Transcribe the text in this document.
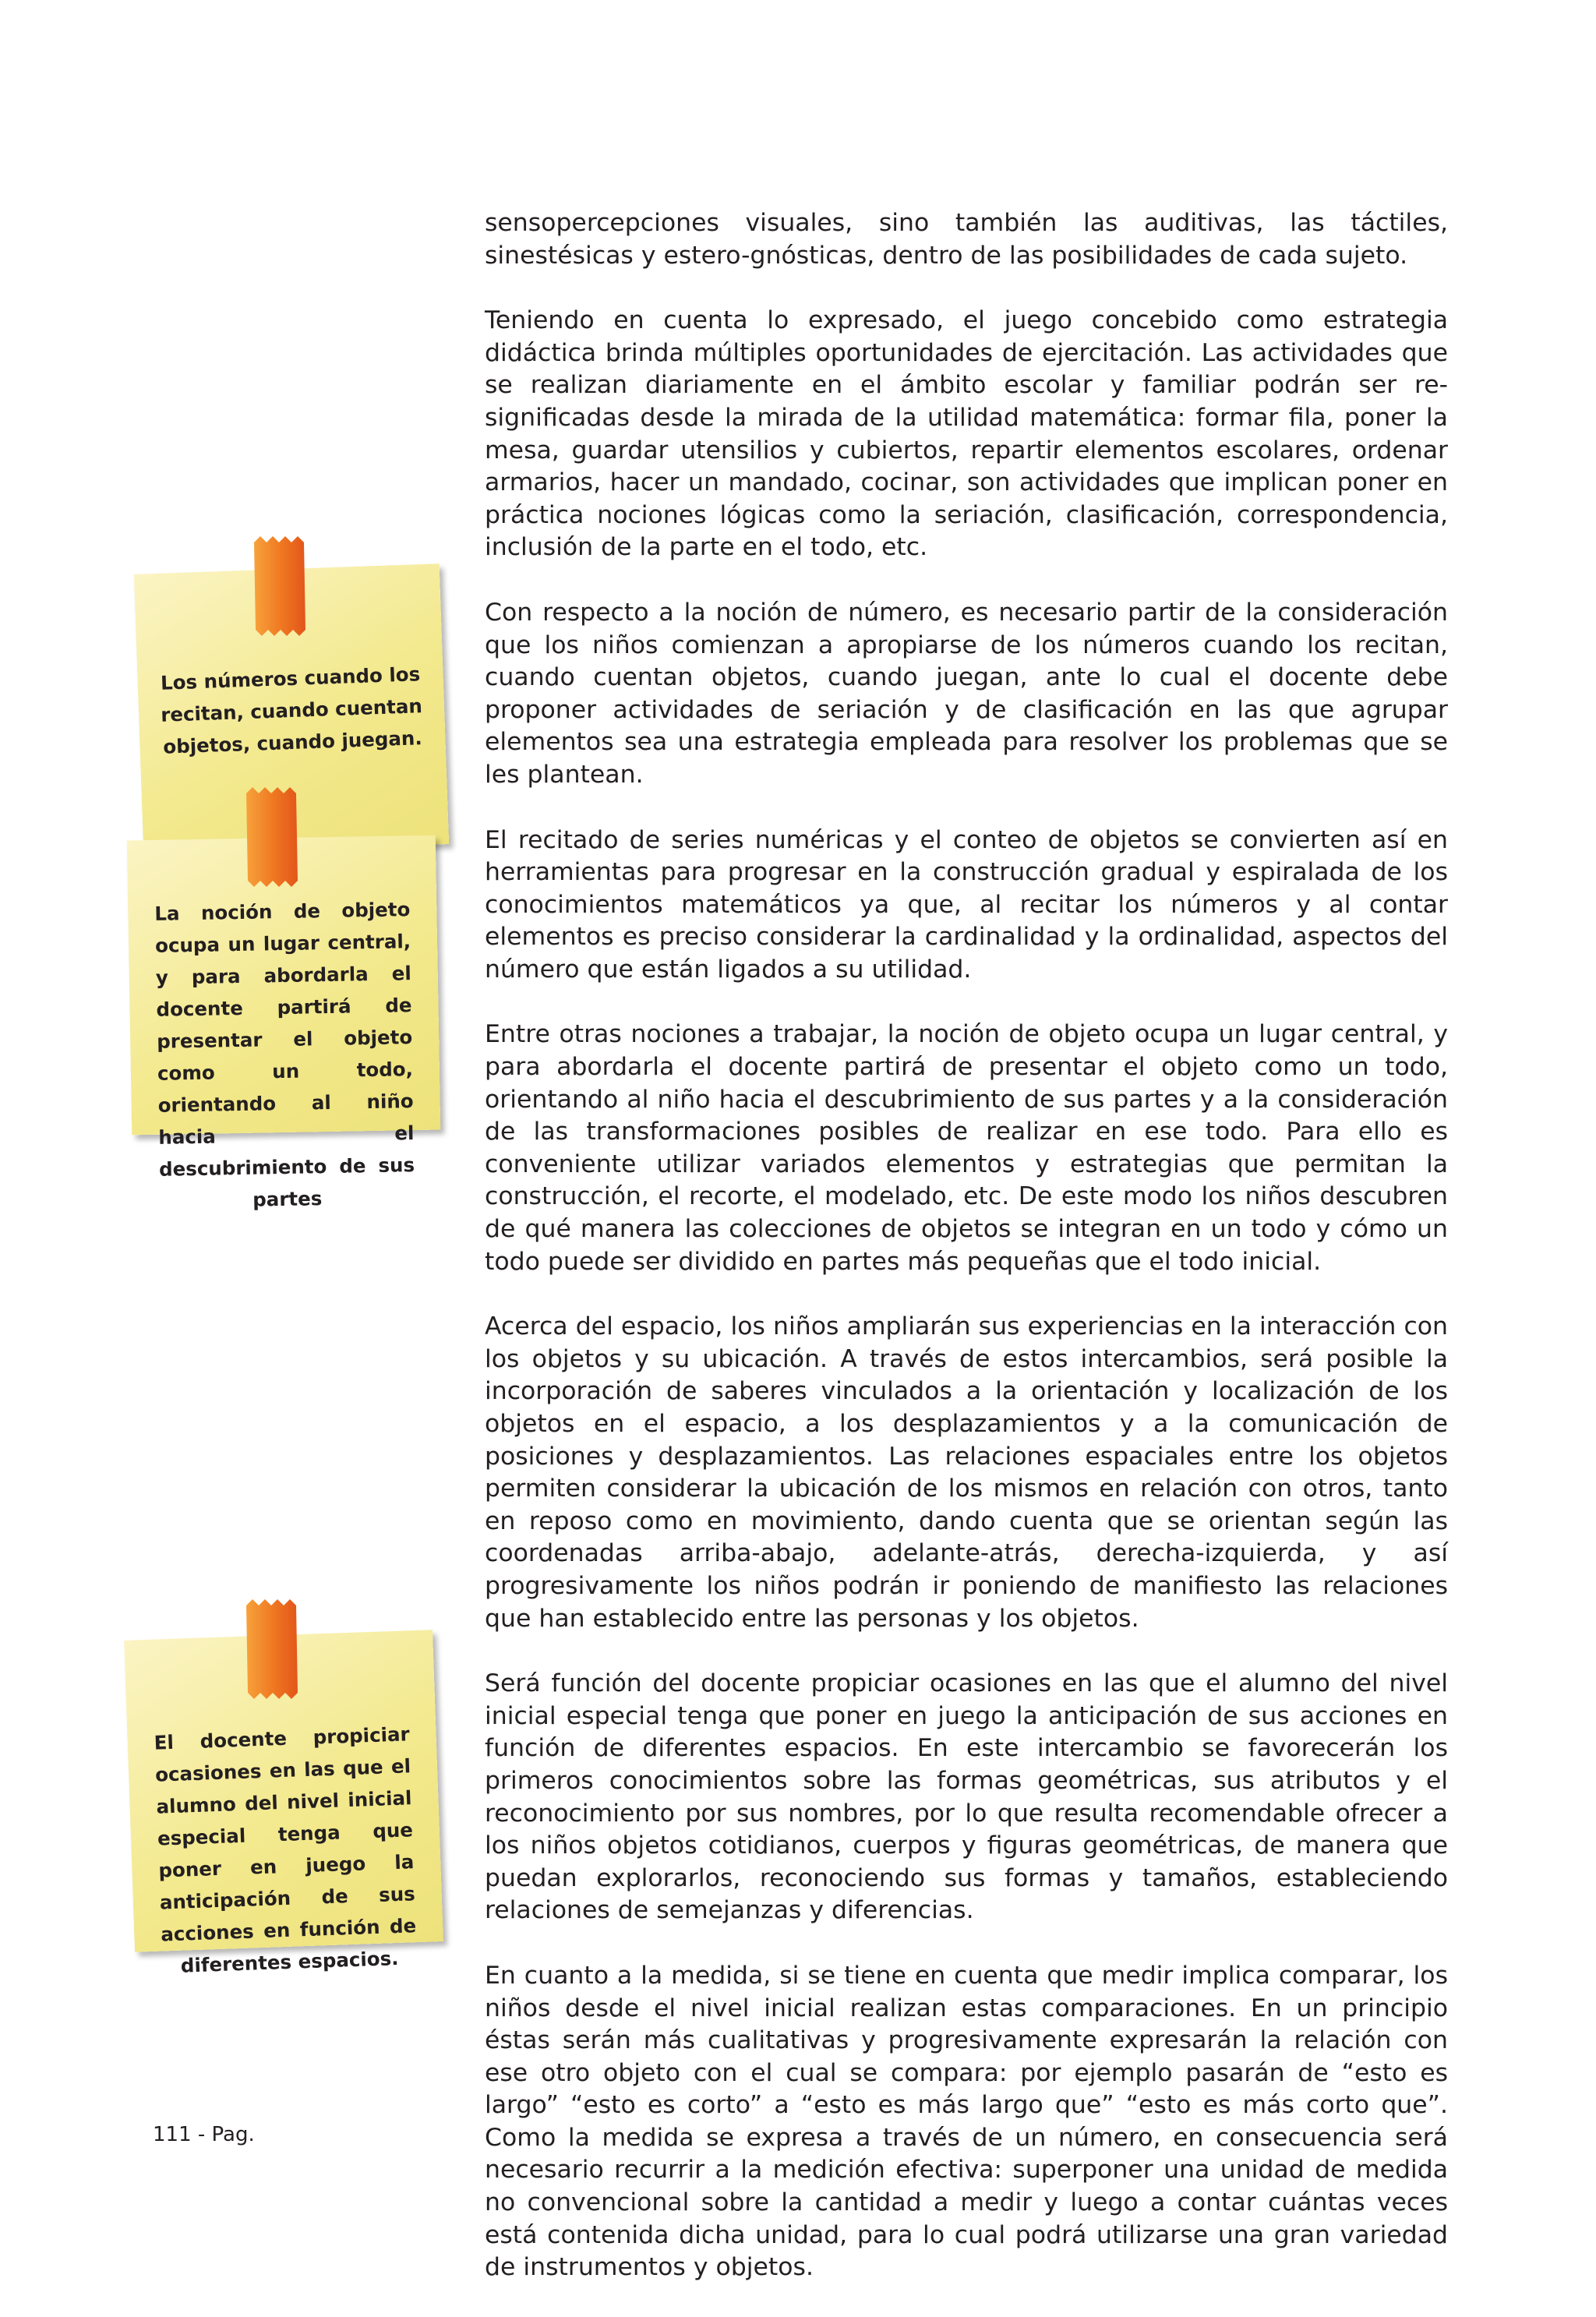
sensopercepciones visuales, sino también las auditivas, las táctiles, sinestésicas y estero-gnósticas, dentro de las posibilidades de cada sujeto.

Teniendo en cuenta lo expresado, el juego concebido como estrategia didáctica brinda múltiples oportunidades de ejercitación. Las actividades que se realizan diariamente en el ámbito escolar y familiar podrán ser re-significadas desde la mirada de la utilidad matemática: formar fila, poner la mesa, guardar utensilios y cubiertos, repartir elementos escolares, ordenar armarios, hacer un mandado, cocinar, son actividades que implican poner en práctica nociones lógicas como la seriación, clasificación, correspondencia, inclusión de la parte en el todo, etc.

Con respecto a la noción de número, es necesario partir de la consideración que los niños comienzan a apropiarse de los números cuando los recitan, cuando cuentan objetos, cuando juegan, ante lo cual el docente debe proponer actividades de seriación y de clasificación en las que agrupar elementos sea una estrategia empleada para resolver los problemas que se les plantean.

El recitado de series numéricas y el conteo de objetos se convierten así en herramientas para progresar en la construcción gradual y espiralada de los conocimientos matemáticos ya que, al recitar los números y al contar elementos es preciso considerar la cardinalidad y la ordinalidad, aspectos del número que están ligados a su utilidad.

Entre otras nociones a trabajar, la noción de objeto ocupa un lugar central, y para abordarla el docente partirá de presentar el objeto como un todo, orientando al niño hacia el descubrimiento de sus partes y a la consideración de las transformaciones posibles de realizar en ese todo. Para ello es conveniente utilizar variados elementos y estrategias que permitan la construcción, el recorte, el modelado, etc. De este modo los niños descubren de qué manera las colecciones de objetos se integran en un todo y cómo un todo puede ser dividido en partes más pequeñas que el todo inicial.

Acerca del espacio, los niños ampliarán sus experiencias en la interacción con los objetos y su ubicación. A través de estos intercambios, será posible la incorporación de saberes vinculados a la orientación y localización de los objetos en el espacio, a los desplazamientos y a la comunicación de posiciones y desplazamientos. Las relaciones espaciales entre los objetos permiten considerar la ubicación de los mismos en relación con otros, tanto en reposo como en movimiento, dando cuenta que se orientan según las coordenadas arriba-abajo, adelante-atrás, derecha-izquierda, y así progresivamente los niños podrán ir poniendo de manifiesto las relaciones que han establecido entre las personas y los objetos.

Será función del docente propiciar ocasiones en las que el alumno del nivel inicial especial tenga que poner en juego la anticipación de sus acciones en función de diferentes espacios. En este intercambio se favorecerán los primeros conocimientos sobre las formas geométricas, sus atributos y el reconocimiento por sus nombres, por lo que resulta recomendable ofrecer a los niños objetos cotidianos, cuerpos y figuras geométricas, de manera que puedan explorarlos, reconociendo sus formas y tamaños, estableciendo relaciones de semejanzas y diferencias.

En cuanto a la medida, si se tiene en cuenta que medir implica comparar, los niños desde el nivel inicial realizan estas comparaciones. En un principio éstas serán más cualitativas y progresivamente expresarán la relación con ese otro objeto con el cual se compara: por ejemplo pasarán de “esto es largo” “esto es corto” a “esto es más largo que” “esto es más corto que”. Como la medida se expresa a través de un número, en consecuencia será necesario recurrir a la medición efectiva: superponer una unidad de medida no convencional sobre la cantidad a medir y luego a contar cuántas veces está contenida dicha unidad, para lo cual podrá utilizarse una gran variedad de instrumentos y objetos.

Los números cuando los recitan, cuando cuentan objetos, cuando juegan.
La noción de objeto ocupa un lugar central, y para abordarla el docente partirá de presentar el objeto como un todo, orientando al niño hacia el descubrimiento de sus partes
El docente propiciar ocasiones en las que el alumno del nivel inicial especial tenga que poner en juego la anticipación de sus acciones en función de diferentes espacios.
111 - Pag.
